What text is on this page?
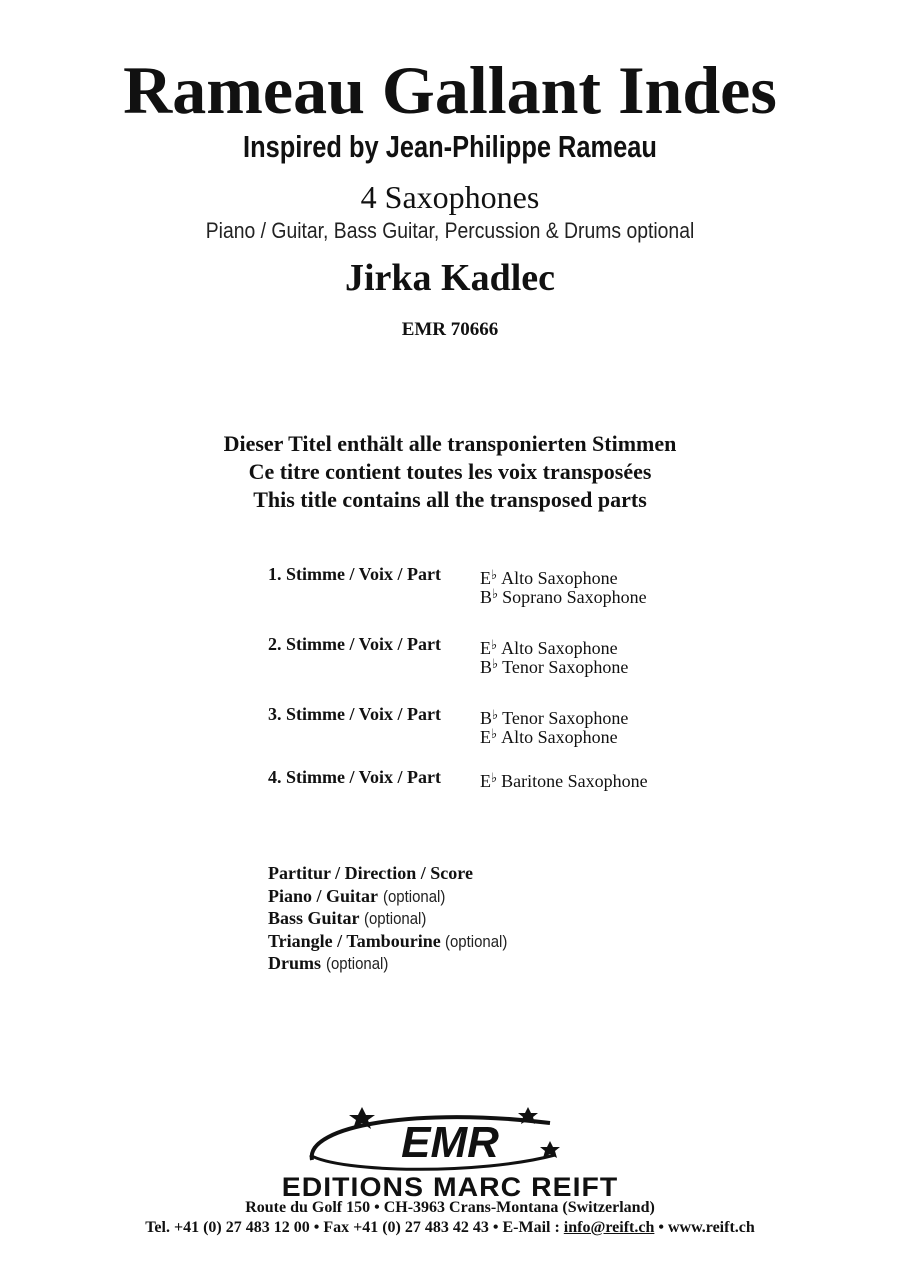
Rameau Gallant Indes
Inspired by Jean-Philippe Rameau
4 Saxophones
Piano / Guitar, Bass Guitar, Percussion & Drums optional
Jirka Kadlec
EMR 70666
Dieser Titel enthält alle transponierten Stimmen
Ce titre contient toutes les voix transposées
This title contains all the transposed parts
1. Stimme / Voix / Part E♭ Alto Saxophone
B♭ Soprano Saxophone
2. Stimme / Voix / Part E♭ Alto Saxophone
B♭ Tenor Saxophone
3. Stimme / Voix / Part B♭ Tenor Saxophone
E♭ Alto Saxophone
4. Stimme / Voix / Part E♭ Baritone Saxophone
Partitur / Direction / Score
Piano / Guitar (optional)
Bass Guitar (optional)
Triangle / Tambourine (optional)
Drums (optional)
EMR
EDITIONS MARC REIFT
Route du Golf 150 • CH-3963 Crans-Montana (Switzerland)
Tel. +41 (0) 27 483 12 00 • Fax +41 (0) 27 483 42 43 • E-Mail : info@reift.ch • www.reift.ch
